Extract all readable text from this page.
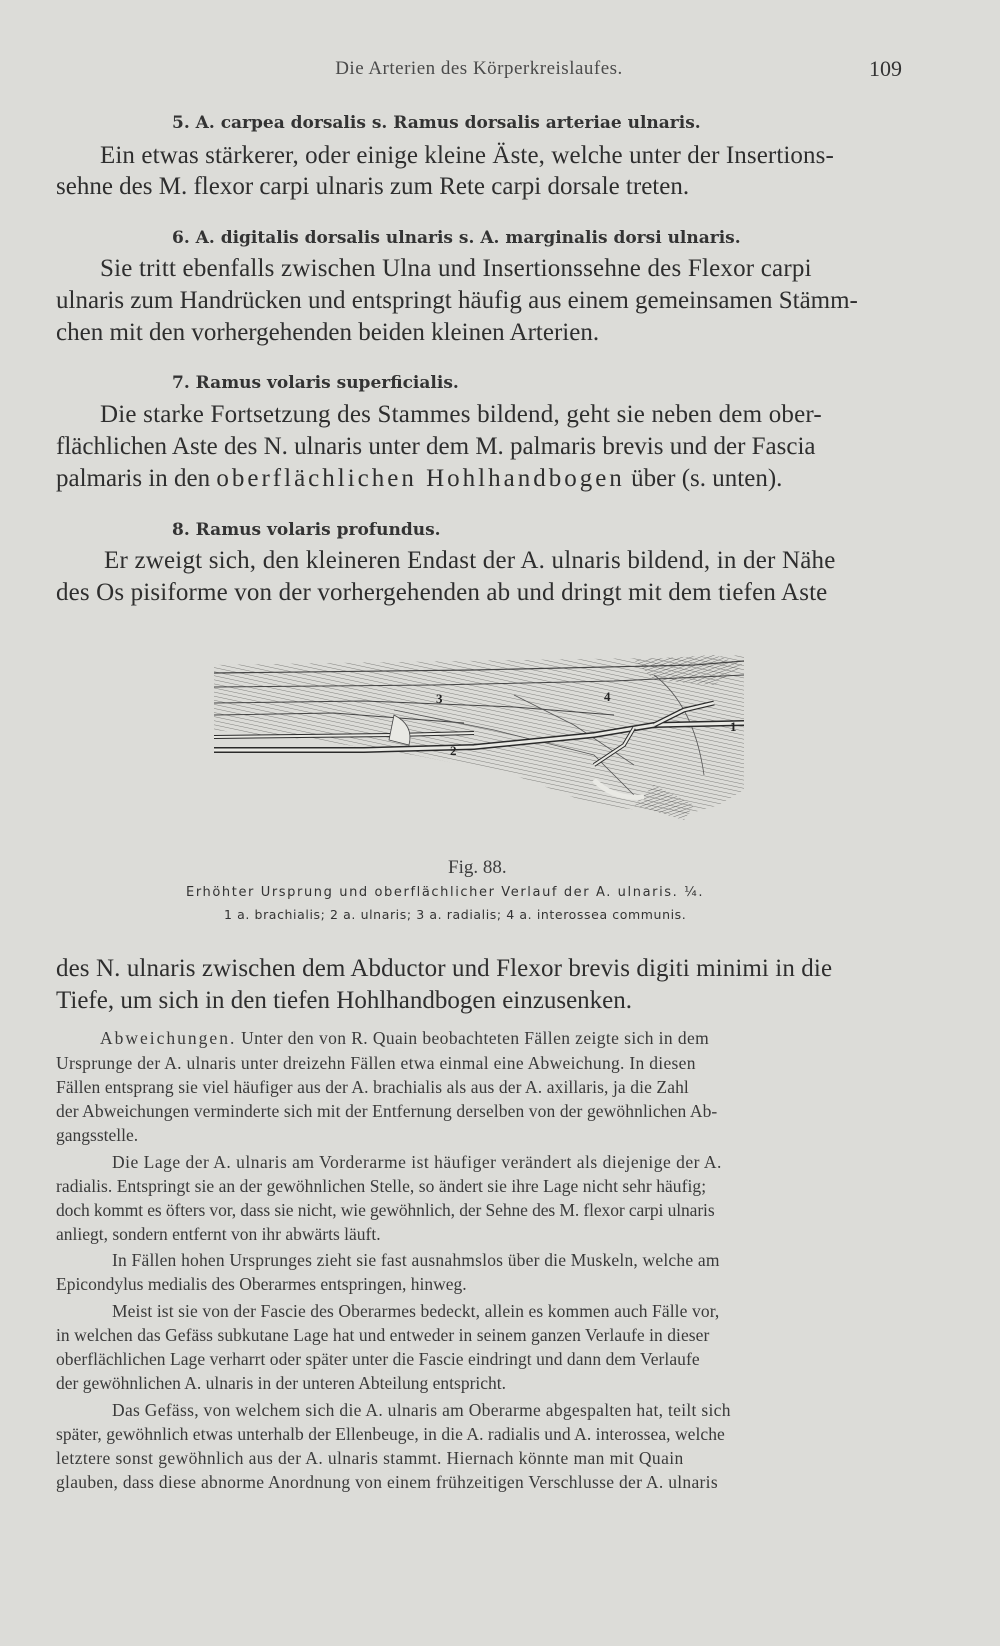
Die Arterien des Körperkreislaufes.	109
5. A. carpea dorsalis s. Ramus dorsalis arteriae ulnaris.
Ein etwas stärkerer, oder einige kleine Äste, welche unter der Insertions-
sehne des M. flexor carpi ulnaris zum Rete carpi dorsale treten.
6. A. digitalis dorsalis ulnaris s. A. marginalis dorsi ulnaris.
Sie tritt ebenfalls zwischen Ulna und Insertionssehne des Flexor carpi
ulnaris zum Handrücken und entspringt häufig aus einem gemeinsamen Stämm-
chen mit den vorhergehenden beiden kleinen Arterien.
7. Ramus volaris superficialis.
Die starke Fortsetzung des Stammes bildend, geht sie neben dem ober-
flächlichen Aste des N. ulnaris unter dem M. palmaris brevis und der Fascia
palmaris in den oberflächlichen Hohlhandbogen über (s. unten).
8. Ramus volaris profundus.
Er zweigt sich, den kleineren Endast der A. ulnaris bildend, in der Nähe
des Os pisiforme von der vorhergehenden ab und dringt mit dem tiefen Aste
3	4
1
2
Fig. 88.
Erhöhter Ursprung und oberflächlicher Verlauf der A. ulnaris. ¼.
1 a. brachialis; 2 a. ulnaris; 3 a. radialis; 4 a. interossea communis.
des N. ulnaris zwischen dem Abductor und Flexor brevis digiti minimi in die
Tiefe, um sich in den tiefen Hohlhandbogen einzusenken.
Abweichungen. Unter den von R. Quain beobachteten Fällen zeigte sich in dem
Ursprunge der A. ulnaris unter dreizehn Fällen etwa einmal eine Abweichung. In diesen
Fällen entsprang sie viel häufiger aus der A. brachialis als aus der A. axillaris, ja die Zahl
der Abweichungen verminderte sich mit der Entfernung derselben von der gewöhnlichen Ab-
gangsstelle.
Die Lage der A. ulnaris am Vorderarme ist häufiger verändert als diejenige der A.
radialis. Entspringt sie an der gewöhnlichen Stelle, so ändert sie ihre Lage nicht sehr häufig;
doch kommt es öfters vor, dass sie nicht, wie gewöhnlich, der Sehne des M. flexor carpi ulnaris
anliegt, sondern entfernt von ihr abwärts läuft.
In Fällen hohen Ursprunges zieht sie fast ausnahmslos über die Muskeln, welche am
Epicondylus medialis des Oberarmes entspringen, hinweg.
Meist ist sie von der Fascie des Oberarmes bedeckt, allein es kommen auch Fälle vor,
in welchen das Gefäss subkutane Lage hat und entweder in seinem ganzen Verlaufe in dieser
oberflächlichen Lage verharrt oder später unter die Fascie eindringt und dann dem Verlaufe
der gewöhnlichen A. ulnaris in der unteren Abteilung entspricht.
Das Gefäss, von welchem sich die A. ulnaris am Oberarme abgespalten hat, teilt sich
später, gewöhnlich etwas unterhalb der Ellenbeuge, in die A. radialis und A. interossea, welche
letztere sonst gewöhnlich aus der A. ulnaris stammt. Hiernach könnte man mit Quain
glauben, dass diese abnorme Anordnung von einem frühzeitigen Verschlusse der A. ulnaris
